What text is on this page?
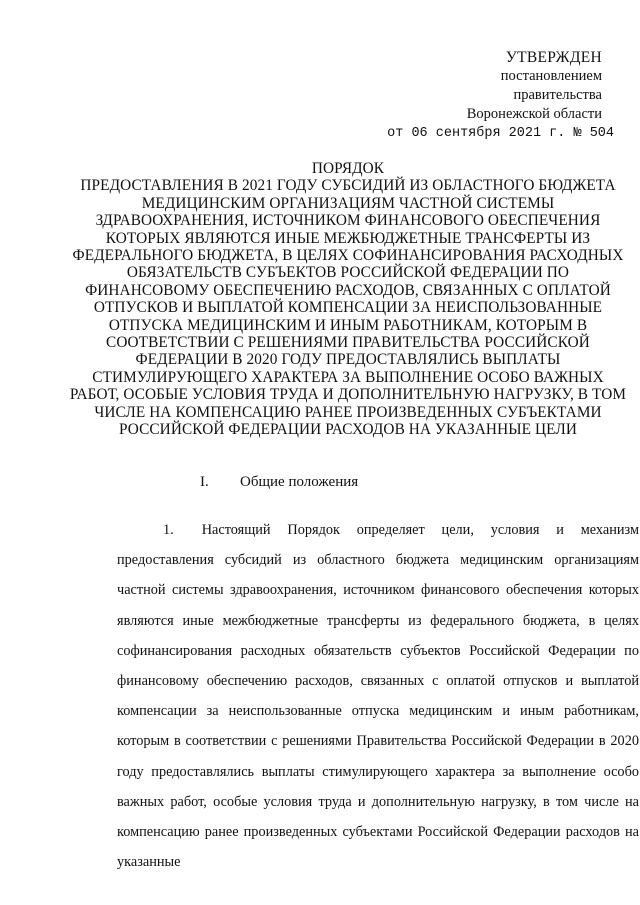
УТВЕРЖДЕН
постановлением
правительства
Воронежской области
от 06 сентября 2021 г. № 504
ПОРЯДОК
ПРЕДОСТАВЛЕНИЯ В 2021 ГОДУ СУБСИДИЙ ИЗ ОБЛАСТНОГО БЮДЖЕТА МЕДИЦИНСКИМ ОРГАНИЗАЦИЯМ ЧАСТНОЙ СИСТЕМЫ ЗДРАВООХРАНЕНИЯ, ИСТОЧНИКОМ ФИНАНСОВОГО ОБЕСПЕЧЕНИЯ КОТОРЫХ ЯВЛЯЮТСЯ ИНЫЕ МЕЖБЮДЖЕТНЫЕ ТРАНСФЕРТЫ ИЗ ФЕДЕРАЛЬНОГО БЮДЖЕТА, В ЦЕЛЯХ СОФИНАНСИРОВАНИЯ РАСХОДНЫХ ОБЯЗАТЕЛЬСТВ СУБЪЕКТОВ РОССИЙСКОЙ ФЕДЕРАЦИИ ПО ФИНАНСОВОМУ ОБЕСПЕЧЕНИЮ РАСХОДОВ, СВЯЗАННЫХ С ОПЛАТОЙ ОТПУСКОВ И ВЫПЛАТОЙ КОМПЕНСАЦИИ ЗА НЕИСПОЛЬЗОВАННЫЕ ОТПУСКА МЕДИЦИНСКИМ И ИНЫМ РАБОТНИКАМ, КОТОРЫМ В СООТВЕТСТВИИ С РЕШЕНИЯМИ ПРАВИТЕЛЬСТВА РОССИЙСКОЙ ФЕДЕРАЦИИ В 2020 ГОДУ ПРЕДОСТАВЛЯЛИСЬ ВЫПЛАТЫ СТИМУЛИРУЮЩЕГО ХАРАКТЕРА ЗА ВЫПОЛНЕНИЕ ОСОБО ВАЖНЫХ РАБОТ, ОСОБЫЕ УСЛОВИЯ ТРУДА И ДОПОЛНИТЕЛЬНУЮ НАГРУЗКУ, В ТОМ ЧИСЛЕ НА КОМПЕНСАЦИЮ РАНЕЕ ПРОИЗВЕДЕННЫХ СУБЪЕКТАМИ РОССИЙСКОЙ ФЕДЕРАЦИИ РАСХОДОВ НА УКАЗАННЫЕ ЦЕЛИ
I. Общие положения
1. Настоящий Порядок определяет цели, условия и механизм предоставления субсидий из областного бюджета медицинским организациям частной системы здравоохранения, источником финансового обеспечения которых являются иные межбюджетные трансферты из федерального бюджета, в целях софинансирования расходных обязательств субъектов Российской Федерации по финансовому обеспечению расходов, связанных с оплатой отпусков и выплатой компенсации за неиспользованные отпуска медицинским и иным работникам, которым в соответствии с решениями Правительства Российской Федерации в 2020 году предоставлялись выплаты стимулирующего характера за выполнение особо важных работ, особые условия труда и дополнительную нагрузку, в том числе на компенсацию ранее произведенных субъектами Российской Федерации расходов на указанные
